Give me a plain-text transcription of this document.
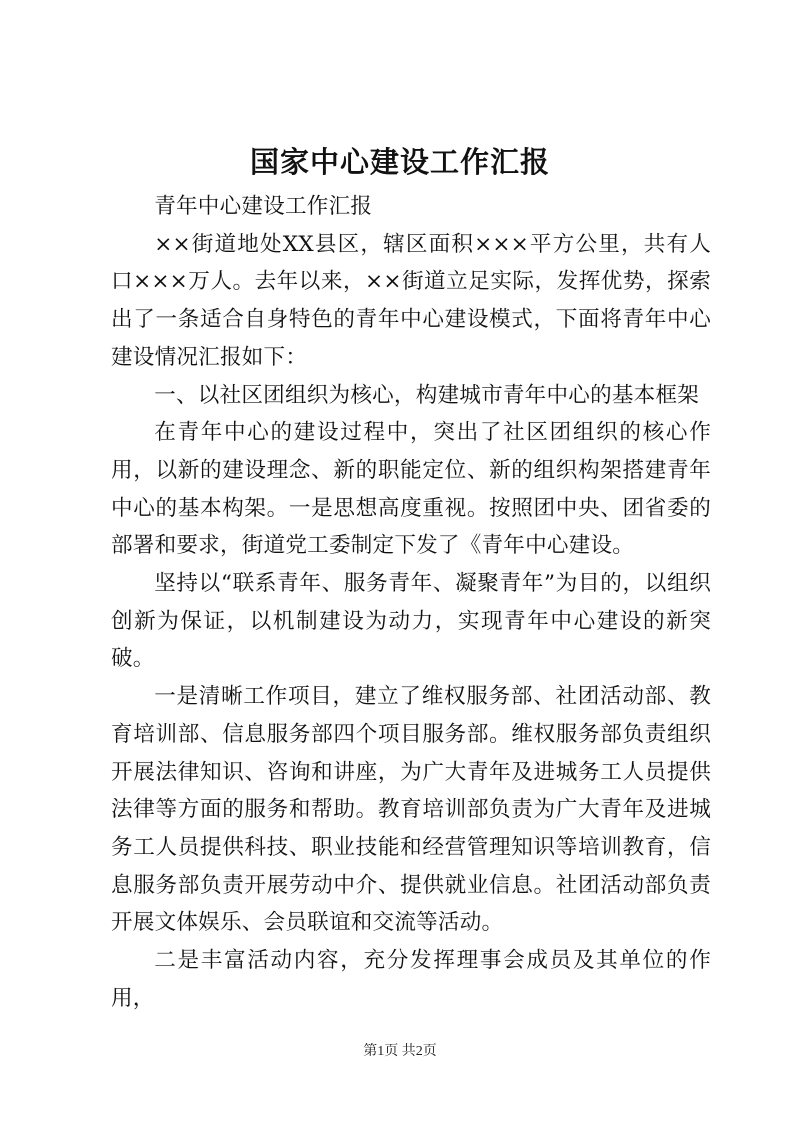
国家中心建设工作汇报

青年中心建设工作汇报

××街道地处XX县区，辖区面积×××平方公里，共有人口×××万人。去年以来，××街道立足实际，发挥优势，探索出了一条适合自身特色的青年中心建设模式，下面将青年中心建设情况汇报如下：

一、以社区团组织为核心，构建城市青年中心的基本框架

在青年中心的建设过程中，突出了社区团组织的核心作用，以新的建设理念、新的职能定位、新的组织构架搭建青年中心的基本构架。一是思想高度重视。按照团中央、团省委的部署和要求，街道党工委制定下发了《青年中心建设。

坚持以“联系青年、服务青年、凝聚青年”为目的，以组织创新为保证，以机制建设为动力，实现青年中心建设的新突破。

一是清晰工作项目，建立了维权服务部、社团活动部、教育培训部、信息服务部四个项目服务部。维权服务部负责组织开展法律知识、咨询和讲座，为广大青年及进城务工人员提供法律等方面的服务和帮助。教育培训部负责为广大青年及进城务工人员提供科技、职业技能和经营管理知识等培训教育，信息服务部负责开展劳动中介、提供就业信息。社团活动部负责开展文体娱乐、会员联谊和交流等活动。

二是丰富活动内容，充分发挥理事会成员及其单位的作用，

第1页 共2页
